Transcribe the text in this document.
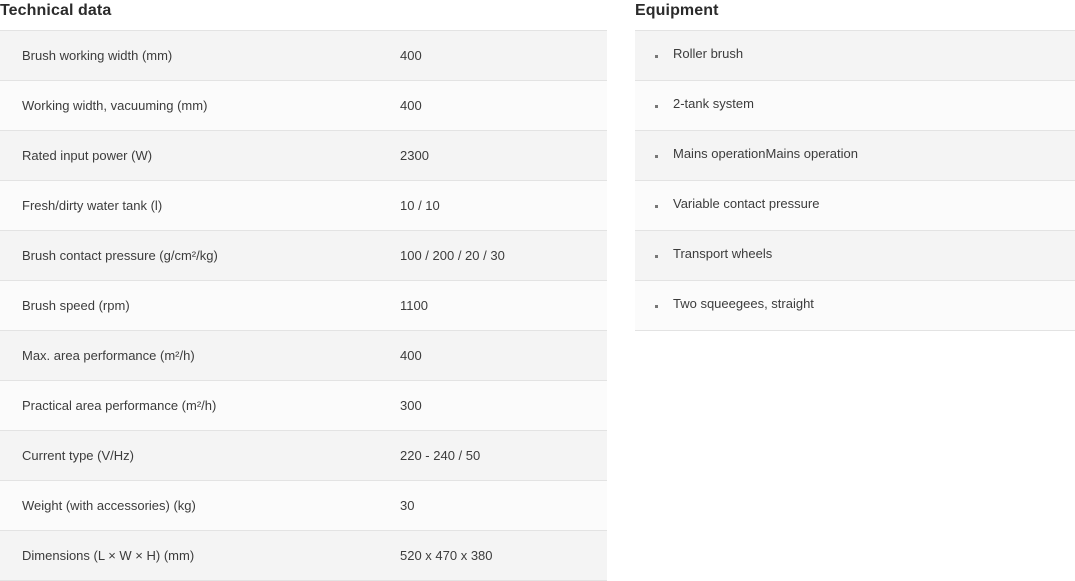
Technical data
Brush working width (mm)	400
Working width, vacuuming (mm)	400
Rated input power (W)	2300
Fresh/dirty water tank (l)	10 / 10
Brush contact pressure (g/cm²/kg)	100 / 200 / 20 / 30
Brush speed (rpm)	1100
Max. area performance (m²/h)	400
Practical area performance (m²/h)	300
Current type (V/Hz)	220 - 240 / 50
Weight (with accessories) (kg)	30
Dimensions (L × W × H) (mm)	520 x 470 x 380
Equipment
Roller brush
2-tank system
Mains operationMains operation
Variable contact pressure
Transport wheels
Two squeegees, straight
